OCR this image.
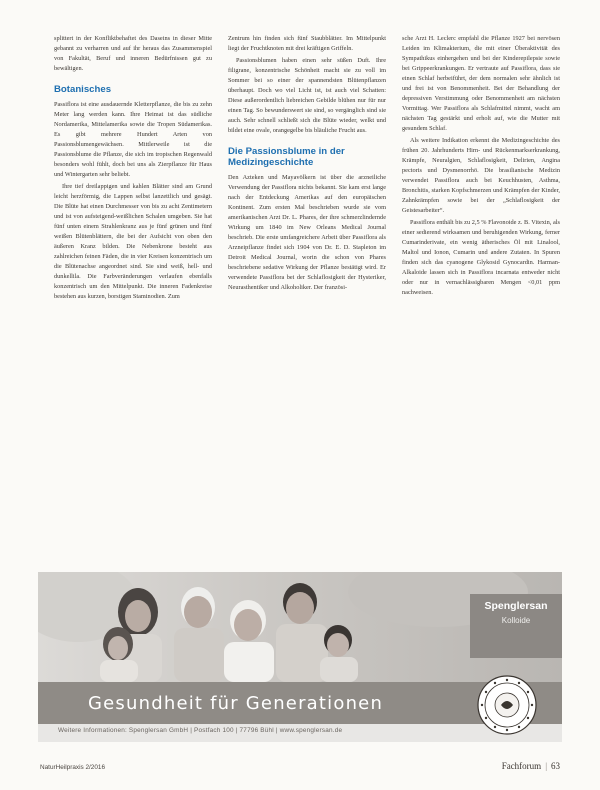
splittert in der Konfliktbehaftet des Daseins in dieser Mitte gebannt zu verharren und auf ihr heraus das Zusammenspiel von Fakultät, Beruf und inneren Bedürfnissen gut zu bewältigen.

Botanisches

Passiflora ist eine ausdauernde Kletterpflanze, die bis zu zehn Meter lang werden kann. Ihre Heimat ist das südliche Nordamerika, Mittelamerika sowie die Tropen Südamerikas. Es gibt mehrere Hundert Arten von Passionsblumengewächsen. Mittlerweile ist die Passionsblume die Pflanze, die sich im tropischen Regenwald besonders wohl fühlt, doch bei uns als Zierpflanze für Haus und Wintergarten sehr beliebt.

Ihre tief dreilappigen und kahlen Blätter sind am Grund leicht herzförmig, die Lappen selbst lanzettlich und gesägt. Die Blüte hat einen Durchmesser von bis zu acht Zentimetern und ist von aufsteigend-weißlichen Schalen umgeben. Sie hat fünf unten einem Strahlenkranz aus je fünf grünen und fünf weißen Blütenblättern, die bei der Aufsicht von oben den äußeren Kranz bilden. Die Nebenkrone besteht aus zahlreichen feinen Fäden, die in vier Kreisen konzentrisch um die Blütenachse angeordnet sind. Sie sind weiß, hell- und dunkellila. Die Farbveränderungen verlaufen ebenfalls konzentrisch um den Mittelpunkt. Die inneren Fadenkreise bestehen aus kurzen, borstigen Staminodien. Zum

Zentrum hin finden sich fünf Staubblätter. Im Mittelpunkt liegt der Fruchtknoten mit drei kräftigen Griffeln.

Passionsblumen haben einen sehr süßen Duft. Ihre filigrane, konzentrische Schönheit macht sie zu voll im Sommer bei so einer der spannendsten Blütenpflanzen überhaupt. Doch wo viel Licht ist, ist auch viel Schatten: Diese außerordentlich liebreichen Gebilde blühen nur für nur einen Tag. So bewunderswert sie sind, so vergänglich sind sie auch. Sehr schnell schließt sich die Blüte wieder, welkt und bildet eine ovale, orangegelbe bis bläuliche Frucht aus.

Die Passionsblume in der
Medizingeschichte

Den Azteken und Mayavölkern ist über die arzneiliche Verwendung der Passiflora nichts bekannt. Sie kam erst lange nach der Entdeckung Amerikas auf den europäischen Kontinent. Zum ersten Mal beschrieben wurde sie vom amerikanischen Arzt Dr. L. Phares, der ihre schmerzlindernde Wirkung um 1840 im New Orleans Medical Journal beschrieb. Die erste umfangreichere Arbeit über Passiflora als Arzneipflanze findet sich 1904 von Dr. E. D. Stapleton im Detroit Medical Journal, worin die schon von Phares beschriebene sedative Wirkung der Pflanze bestätigt wird. Er verwendete Passiflora bei der Schlaflosigkeit der Hysteriker, Neurasthentiker und Alkoholiker. Der französi-

sche Arzt H. Leclerc empfahl die Pflanze 1927 bei nervösen Leiden im Klimakterium, die mit einer Überaktivität des Sympathikus einhergehen und bei der Kinderepilepsie sowie bei Grippeerkrankungen. Er vertraute auf Passiflora, dass sie einen Schlaf herbeiführt, der dem normalen sehr ähnlich ist und frei ist von Benommenheit. Bei der Behandlung der depressiven Verstimmung oder Benommenheit am nächsten Vormittag. Wer Passiflora als Schlafmittel nimmt, wacht am nächsten Tag gestärkt und erholt auf, wie die Mutter mit gesundem Schlaf.

Als weitere Indikation erkennt die Medizingeschichte des frühen 20. Jahrhunderts Hirn- und Rückenmarkserkrankung, Krämpfe, Neuralgien, Schlaflosigkeit, Delirien, Angina pectoris und Dysmenorrhö. Die brasilianische Medizin verwendet Passiflora auch bei Keuchhusten, Asthma, Bronchitis, starken Kopfschmerzen und Krämpfen der Kinder, Zahnkrämpfen sowie bei der „Schlaflosigkeit der Geistesarbeiter“.

Passiflora enthält bis zu 2,5 % Flavonoide z. B. Vitexin, als einer sedierend wirksamen und beruhigenden Wirkung, ferner Cumarinderivate, ein wenig ätherisches Öl mit Linalool, Maltol und Ionon, Cumarin und andere Zutaten. In Spuren finden sich das cyanogene Glykosid Gynocardin. Harman-Alkaloide lassen sich in Passiflora incarnata entweder nicht oder nur in vernachlässigbaren Mengen <0,01 ppm nachweisen.

Spenglersan
Kolloide
Gesundheit für Generationen
Weitere Informationen: Spenglersan GmbH | Postfach 100 | 77796 Bühl | www.spenglersan.de
NaturHeilpraxis 2/2016	Fachforum | 63
